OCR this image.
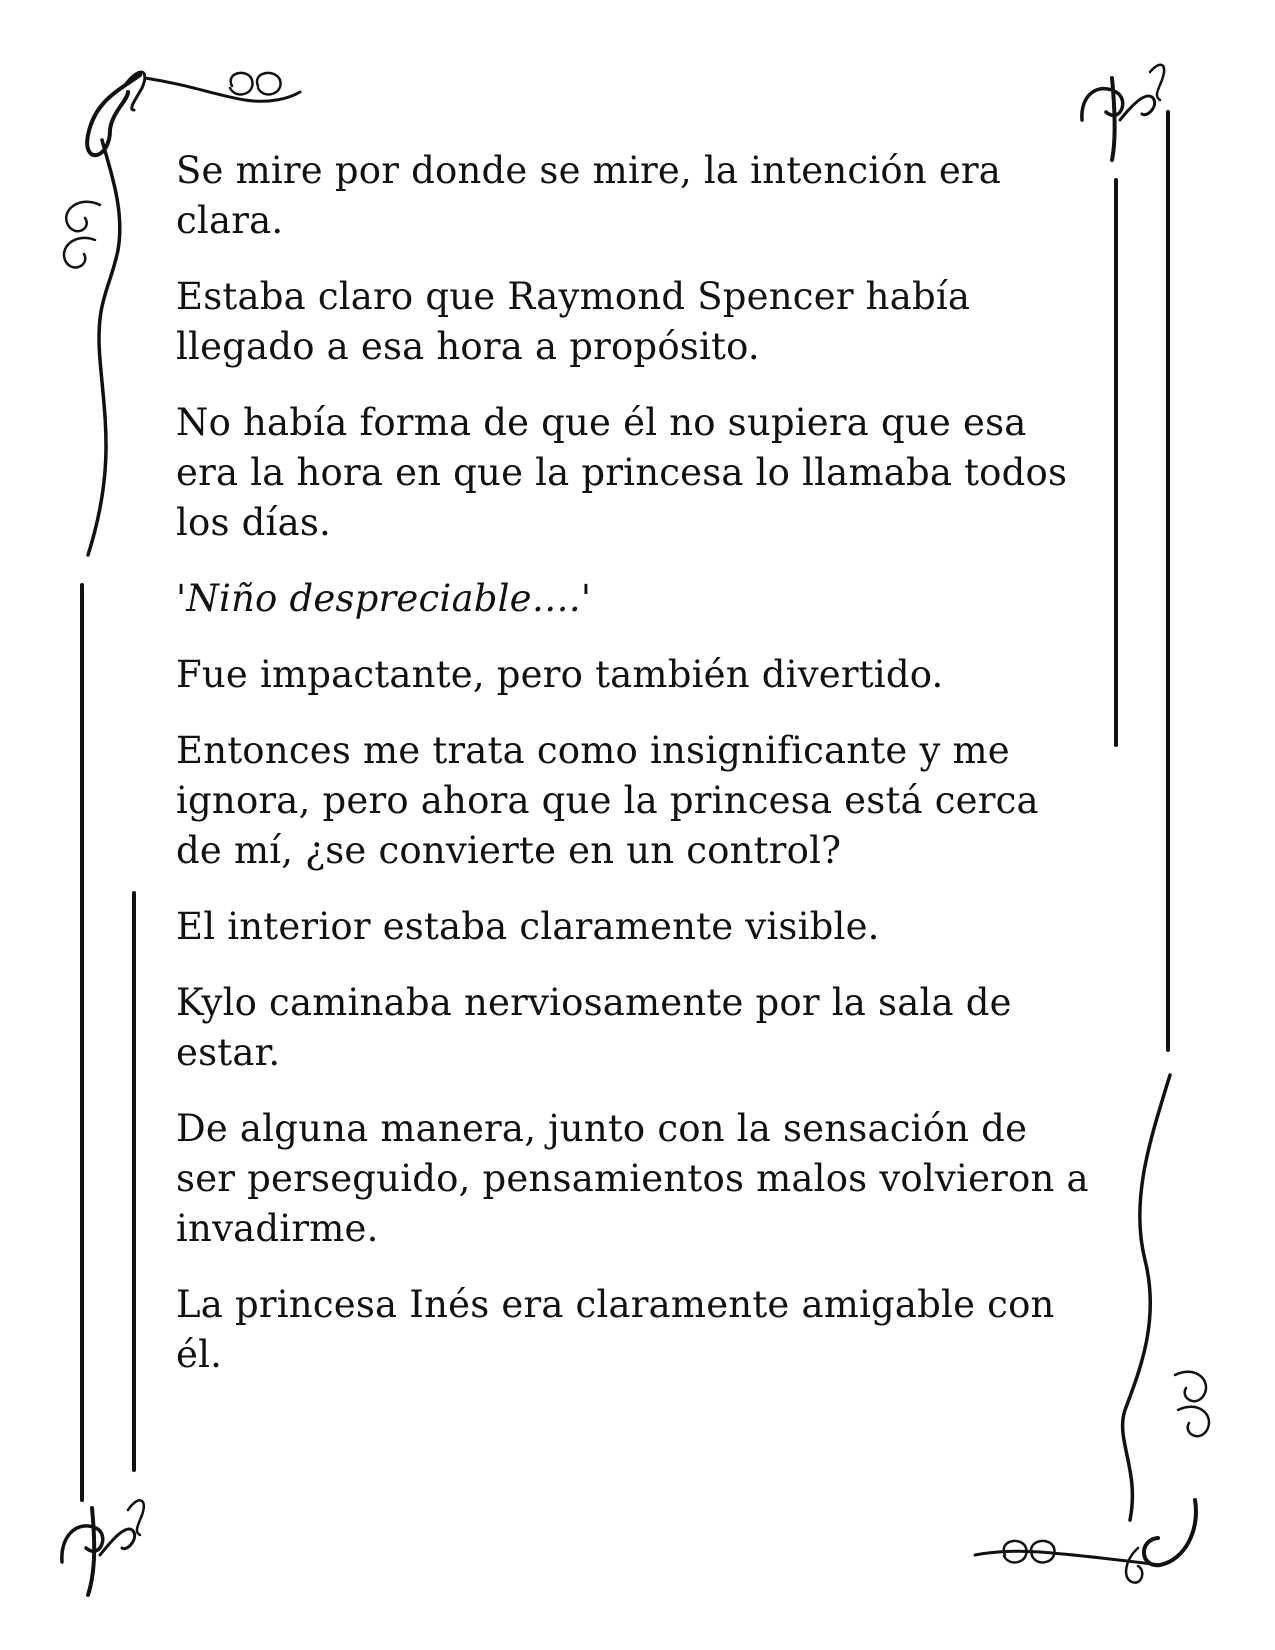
Se mire por donde se mire, la intención era clara.

Estaba claro que Raymond Spencer había llegado a esa hora a propósito.

No había forma de que él no supiera que esa era la hora en que la princesa lo llamaba todos los días.

'Niño despreciable….'

Fue impactante, pero también divertido.

Entonces me trata como insignificante y me ignora, pero ahora que la princesa está cerca de mí, ¿se convierte en un control?

El interior estaba claramente visible.

Kylo caminaba nerviosamente por la sala de estar.

De alguna manera, junto con la sensación de ser perseguido, pensamientos malos volvieron a invadirme.

La princesa Inés era claramente amigable con él.
